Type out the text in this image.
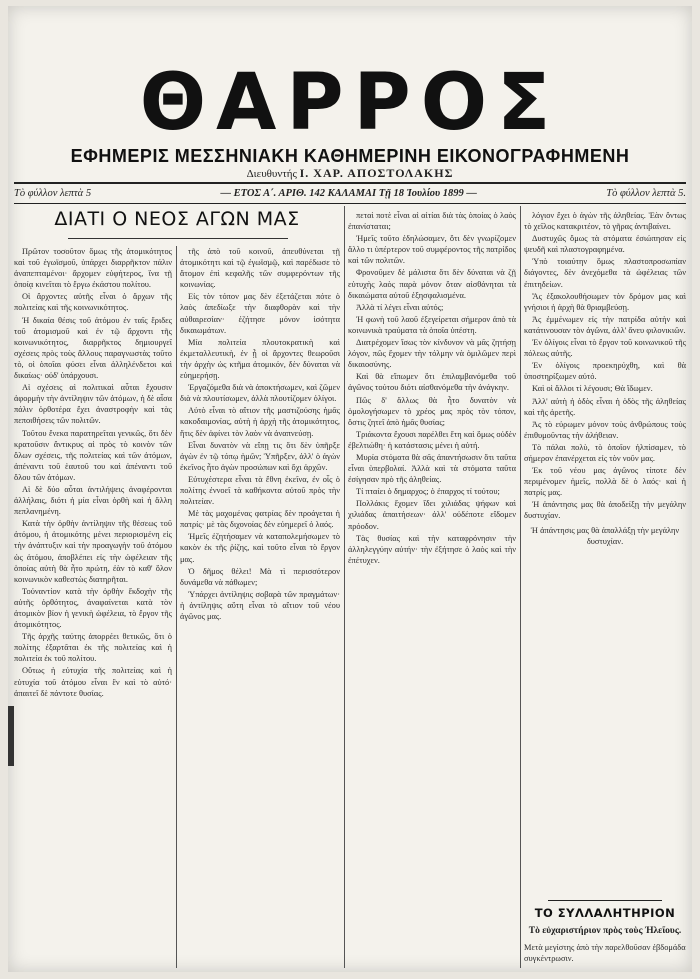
ΘΑΡΡΟΣ
ΕΦΗΜΕΡΙΣ ΜΕΣΣΗΝΙΑΚΗ ΚΑΘΗΜΕΡΙΝΗ ΕΙΚΟΝΟΓΡΑΦΗΜΕΝΗ
Διευθυντής Ι. ΧΑΡ. ΑΠΟΣΤΟΛΑΚΗΣ
Τὸ φύλλον λεπτὰ 5	— ΕΤΟΣ Α΄. ΑΡΙΘ. 142 ΚΑΛΑΜΑΙ Τῇ 18 Ἰουλίου 1899 —	Τὸ φύλλον λεπτὰ 5.
ΔΙΑΤΙ Ο ΝΕΟΣ ΑΓΩΝ ΜΑΣ

Πρῶτον τοσοῦτον ὅμως τῆς ἀτομικότητος καὶ τοῦ ἐγωϊσμοῦ, ὑπάρχει διαρρῆκτον πάλιν ἀναπεπταμένοι· ἄρχομεν εὐφήτερος, ἵνα τῇ ὁποίᾳ κινεῖται τὸ ἔργω ἐκάστου πολίτου.

Οἱ ἄρχοντες αὐτῆς εἶναι ὁ ἄρχων τῆς πολιτείας καὶ τῆς κοινωνικότητος.

Ἡ δικαία θέσις τοῦ ἀτόμου ἐν ταῖς ἔριδες τοῦ ἀτομισμοῦ καὶ ἐν τῷ ἄρχοντι τῆς κοινωνικότητος, διαρρῆκτος δημιουργεῖ σχέσεις πρὸς τοὺς ἄλλους παραγνωστὰς τοῦτο τὸ, οἱ ὁποῖαι φύσει εἶναι ἀλληλένδετοι καὶ δικαίως· οὐδ' ὑπάρχουσι.

Αἱ σχέσεις αἱ πολιτικαὶ αὗται ἔχουσιν ἀφορμὴν τὴν ἀντίληψιν τῶν ἀτόμων, ἡ δὲ αἶσα πάλιν ὀρθοτέρα ἔχει ἀναστροφὴν καὶ τὰς πεποιθήσεις τῶν πολιτῶν.

Τοῦτου ἕνεκα παρατηρεῖται γενικῶς, ὅτι δὲν κρατοῦσιν ἄντικρυς αἱ πρὸς τὸ κοινὸν τῶν ὅλων σχέσεις, τῆς πολιτείας καὶ τῶν ἀτόμων, ἀπέναντι τοῦ ἑαυτοῦ του καὶ ἀπέναντι τοῦ ὅλου τῶν ἀτόμων.

Αἱ δὲ δύο αὗται ἀντιλήψεις ἀναφέρονται ἀλλήλαις, διότι ἡ μία εἶναι ὀρθὴ καὶ ἡ ἄλλη πεπλανημένη.

Κατὰ τὴν ὀρθὴν ἀντίληψιν τῆς θέσεως τοῦ ἀτόμου, ἡ ἀτομικότης μένει περιορισμένη εἰς τὴν ἀνάπτυξιν καὶ τὴν προαγωγὴν τοῦ ἀτόμου ὡς ἀτόμου, ἀποβλέπει εἰς τὴν ὠφέλειαν τῆς ὁποίας αὐτὴ θὰ ἦτο πρώτη, ἐὰν τὸ καθ' ὅλον κοινωνικὸν καθεστὼς διατηρῆται.

Τοὐναντίον κατὰ τὴν ὀρθὴν ἔκδοχὴν τῆς αὐτῆς ὀρθότητος, ἀναφαίνεται κατὰ τὸν ἀτομικὸν βίον ἡ γενικὴ ὠφέλεια, τὸ ἔργον τῆς ἀτομικότητος.

Τῆς ἀρχῆς ταύτης ἀπορρέει θετικῶς, ὅτι ὁ πολίτης ἐξαρτᾶται ἐκ τῆς πολιτείας καὶ ἡ πολιτεία ἐκ τοῦ πολίτου.

Οὕτως ἡ εὐτυχία τῆς πολιτείας καὶ ἡ εὐτυχία τοῦ ἀτόμου εἶναι ἓν καὶ τὸ αὐτό· ἀπαιτεῖ δὲ πάντοτε θυσίας.

τῆς ἀπὸ τοῦ κοινοῦ, ἀπευθύνεται τῇ ἀτομικότητι καὶ τῷ ἐγωϊσμῷ, καὶ παρέδωσε τὸ ἄτομον ἐπὶ κεφαλῆς τῶν συμφερόντων τῆς κοινωνίας.

Εἰς τὸν τόπον μας δὲν ἐξετάζεται πότε ὁ λαὸς ἀπεδίωξε τὴν διαφθορὰν καὶ τὴν αὐθαιρεσίαν· ἐζήτησε μόνον ἰσότητα δικαιωμάτων.

Μία πολιτεία πλουτοκρατικὴ καὶ ἐκμεταλλευτικὴ, ἐν ᾗ οἱ ἄρχοντες θεωροῦσι τὴν ἀρχὴν ὡς κτῆμα ἀτομικόν, δὲν δύναται νὰ εὐημερήσῃ.

Ἐργαζόμεθα διὰ νὰ ἀποκτήσωμεν, καὶ ζῶμεν διὰ νὰ πλουτίσωμεν, ἀλλὰ πλουτίζομεν ὀλίγοι.

Αὐτὸ εἶναι τὸ αἴτιον τῆς μαστιζούσης ἡμᾶς κακοδαιμονίας, αὐτὴ ἡ ἀρχὴ τῆς ἀτομικότητος, ἥτις δὲν ἀφίνει τὸν λαὸν νὰ ἀναπνεύσῃ.

Εἶναι δυνατὸν νὰ εἴπῃ τις ὅτι δὲν ὑπῆρξε ἀγὼν ἐν τῷ τόπῳ ἡμῶν; Ὑπῆρξεν, ἀλλ' ὁ ἀγὼν ἐκεῖνος ἦτο ἀγὼν προσώπων καὶ ὄχι ἀρχῶν.

Εὐτυχέστερα εἶναι τὰ ἔθνη ἐκεῖνα, ἐν οἷς ὁ πολίτης ἐννοεῖ τὰ καθήκοντα αὐτοῦ πρὸς τὴν πολιτείαν.

Μὲ τὰς μαχομένας φατρίας δὲν προάγεται ἡ πατρίς· μὲ τὰς διχονοίας δὲν εὐημερεῖ ὁ λαός.

Ἡμεῖς ἐζητήσαμεν νὰ καταπολεμήσωμεν τὸ κακὸν ἐκ τῆς ῥίζης, καὶ τοῦτο εἶναι τὸ ἔργον μας.

Ὁ δῆμος θέλει! Μὰ τὶ περισσότερον δυνάμεθα νὰ πάθωμεν;

Ὑπάρχει ἀντίληψις σοβαρὰ τῶν πραγμάτων· ἡ ἀντίληψις αὕτη εἶναι τὸ αἴτιον τοῦ νέου ἀγῶνος μας.

πεταὶ ποτὲ εἶναι αἱ αἰτίαι διὰ τὰς ὁποίας ὁ λαὸς ἐπανίσταται;

Ἡμεῖς τοῦτο ἐδηλώσαμεν, ὅτι δὲν γνωρίζομεν ἄλλο τι ὑπέρτερον τοῦ συμφέροντος τῆς πατρίδος καὶ τῶν πολιτῶν.

Φρονοῦμεν δὲ μάλιστα ὅτι δὲν δύναται νὰ ζῇ εὐτυχὴς λαὸς παρὰ μόνον ὅταν αἰσθάνηται τὰ δικαιώματα αὐτοῦ ἐξησφαλισμένα.

Ἀλλὰ τί λέγει εἶναι αὐτός;

Ἡ φωνὴ τοῦ λαοῦ ἐξεγείρεται σήμερον ἀπὸ τὰ κοινωνικὰ τραύματα τὰ ὁποῖα ὑπέστη.

Διατρέχομεν ἴσως τὸν κίνδυνον νὰ μᾶς ζητήσῃ λόγον, πῶς ἔχομεν τὴν τόλμην νὰ ὁμιλῶμεν περὶ δικαιοσύνης.

Καὶ θὰ εἴπωμεν ὅτι ἐπιλαμβανόμεθα τοῦ ἀγῶνος τούτου διότι αἰσθανόμεθα τὴν ἀνάγκην.

Πῶς δ' ἄλλως θὰ ἦτο δυνατὸν νὰ ὁμολογήσωμεν τὸ χρέος μας πρὸς τὸν τόπον, ὅστις ζητεῖ ἀπὸ ἡμᾶς θυσίας;

Τριάκοντα ἔχουσι παρέλθει ἔτη καὶ ὅμως οὐδὲν ἐβελτιώθη· ἡ κατάστασις μένει ἡ αὐτή.

Μυρία στόματα θὰ σᾶς ἀπαντήσωσιν ὅτι ταῦτα εἶναι ὑπερβολαί. Ἀλλὰ καὶ τὰ στόματα ταῦτα ἐσίγησαν πρὸ τῆς ἀληθείας.

Τί πταίει ὁ δημαρχος; ὁ ἐπαρχος τί τούτου;

Πολλάκις ἔχομεν ἴδει χιλιάδας ψήφων καὶ χιλιάδας ἀπαιτήσεων· ἀλλ' οὐδέποτε εἴδομεν πρόοδον.

Τὰς θυσίας καὶ τὴν καταφρόνησιν τὴν ἀλληλεγγύην αὐτήν· τὴν ἐξήτησε ὁ λαὸς καὶ τὴν ἐπέτυχεν.

λόγιον ἔχει ὁ ἀγὼν τῆς ἀληθείας. Ἐὰν ὄντως τὸ χεῖλος κατακριτέον, τὸ γῆρας ἀντιβαίνει.

Δυστυχῶς ὅμως τὰ στόματα ἐσιώπησαν εἰς ψευδῆ καὶ πλαστογραφημένα.

Ὑπὸ τοιαύτην ὅμως πλαστοπροσωπίαν διάγοντες, δὲν ἀνεχόμεθα τὰ ὠφέλειας τῶν ἐπιτηδείων.

Ἄς ἐξακολουθήσωμεν τὸν δρόμον μας καὶ γνήσιοι ἡ ἀρχὴ θὰ θριαμβεύσῃ.

Ἀς ἐμμένωμεν εἰς τὴν πατρίδα αὐτὴν καὶ κατάτινουσαν τὸν ἀγῶνα, ἀλλ' ἄνευ φιλονικιῶν.

Ἐν ὀλίγοις εἶναι τὸ ἔργον τοῦ κοινωνικοῦ τῆς πόλεως αὐτῆς.

Ἐν ὀλίγοις προεκηρύχθη, καὶ θὰ ὑποστηρίξωμεν αὐτό.

Καὶ οἱ ἄλλοι τί λέγουσι; Θὰ ἴδωμεν.

Ἀλλ' αὐτὴ ἡ ὁδὸς εἶναι ἡ ὁδὸς τῆς ἀληθείας καὶ τῆς ἀρετῆς.

Ἀς τὸ εὐρωμεν μόνον τοὺς ἀνθρώπους τοὺς ἐπιθυμοῦντας τὴν ἀλήθειαν.

Τὸ πάλαι πολὺ, τὸ ὁποῖον ἠλπίσαμεν, τὸ σήμερον ἐπανέρχεται εἰς τὸν νοῦν μας.

Ἐκ τοῦ νέου μας ἀγῶνος τίποτε δὲν περιμένομεν ἡμεῖς, πολλὰ δὲ ὁ λαός· καὶ ἡ πατρίς μας.

Ἡ ἀπάντησις μας θὰ ἀποδείξῃ τὴν μεγάλην δυστυχίαν.

Ἡ ἀπάντησις μας θὰ ἀπαλλάξῃ τὴν μεγάλην δυστυχίαν.

ΤΟ ΣΥΛΛΑΛΗΤΗΡΙΟΝ
Τὸ εὐχαριστήριον πρὸς τοὺς Ἠλεῖους.
Μετὰ μεγίστης ἀπὸ τὴν παρελθοῦσαν ἐβδομάδα συγκέντρωσιν.
